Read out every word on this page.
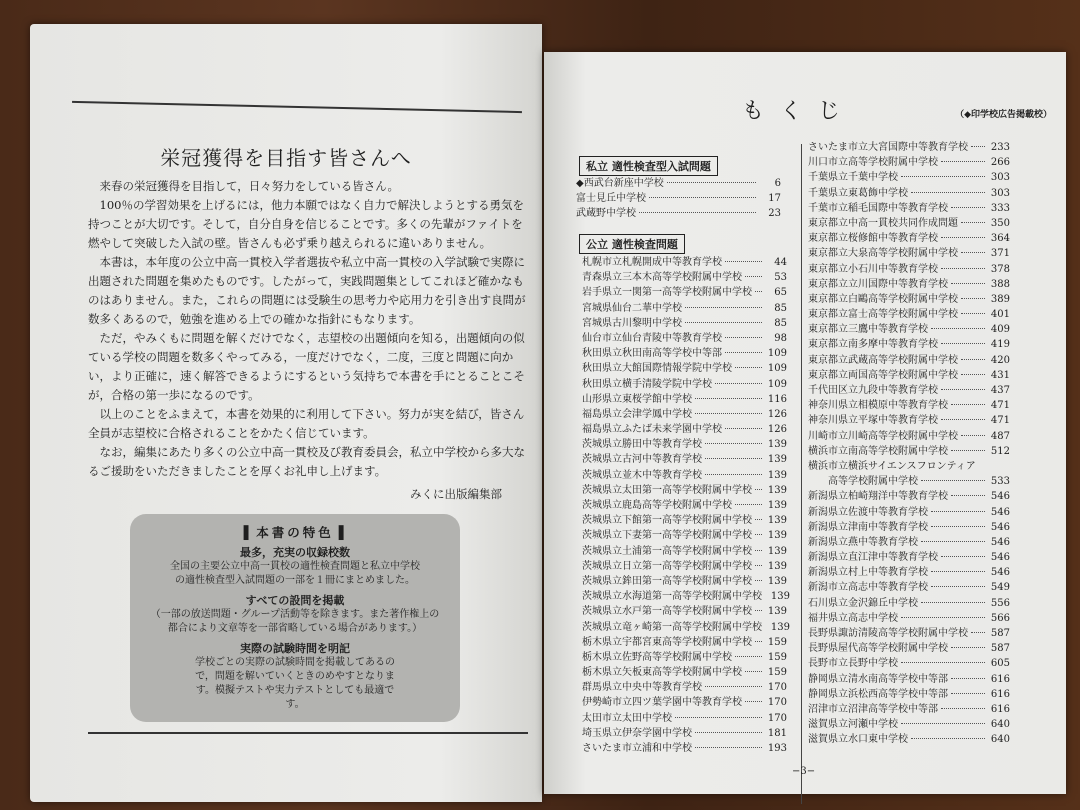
栄冠獲得を目指す皆さんへ

来春の栄冠獲得を目指して，日々努力をしている皆さん。

100％の学習効果を上げるには，他力本願ではなく自力で解決しようとする勇気を持つことが大切です。そして，自分自身を信じることです。多くの先輩がファイトを燃やして突破した入試の壁。皆さんも必ず乗り越えられるに違いありません。

本書は，本年度の公立中高一貫校入学者選抜や私立中高一貫校の入学試験で実際に出題された問題を集めたものです。したがって，実践問題集としてこれほど確かなものはありません。また，これらの問題には受験生の思考力や応用力を引き出す良問が数多くあるので，勉強を進める上での確かな指針にもなります。

ただ，やみくもに問題を解くだけでなく，志望校の出題傾向を知る，出題傾向の似ている学校の問題を数多くやってみる，一度だけでなく，二度，三度と問題に向かい，より正確に，速く解答できるようにするという気持ちで本書を手にとることこそが，合格の第一歩になるのです。

以上のことをふまえて，本書を効果的に利用して下さい。努力が実を結び，皆さん全員が志望校に合格されることをかたく信じています。

なお，編集にあたり多くの公立中高一貫校及び教育委員会，私立中学校から多大なるご援助をいただきましたことを厚くお礼申し上げます。

みくに出版編集部
▌本書の特色▐
最多，充実の収録校数
全国の主要公立中高一貫校の適性検査問題と私立中学校の適性検査型入試問題の一部を１冊にまとめました。
すべての設問を掲載
（一部の放送問題・グループ活動等を除きます。また著作権上の都合により文章等を一部省略している場合があります。）
実際の試験時間を明記
学校ごとの実際の試験時間を掲載してあるので，問題を解いていくときのめやすとなります。模擬テストや実力テストとしても最適です。
もくじ	（◆印学校広告掲載校）
私立 適性検査型入試問題
◆西武台新座中学校	6
富士見丘中学校	17
武蔵野中学校	23
公立 適性検査問題
札幌市立札幌開成中等教育学校	44
青森県立三本木高等学校附属中学校	53
岩手県立一関第一高等学校附属中学校	65
宮城県仙台二華中学校	85
宮城県古川黎明中学校	85
仙台市立仙台青陵中等教育学校	98
秋田県立秋田南高等学校中等部	109
秋田県立大館国際情報学院中学校	109
秋田県立横手清陵学院中学校	109
山形県立東桜学館中学校	116
福島県立会津学鳳中学校	126
福島県立ふたば未来学園中学校	126
茨城県立勝田中等教育学校	139
茨城県立古河中等教育学校	139
茨城県立並木中等教育学校	139
茨城県立太田第一高等学校附属中学校 139
茨城県立鹿島高等学校附属中学校	139
茨城県立下館第一高等学校附属中学校 139
茨城県立下妻第一高等学校附属中学校 139
茨城県立土浦第一高等学校附属中学校 139
茨城県立日立第一高等学校附属中学校 139
茨城県立鉾田第一高等学校附属中学校 139
茨城県立水海道第一高等学校附属中学校 139
茨城県立水戸第一高等学校附属中学校 139
茨城県立竜ヶ崎第一高等学校附属中学校 139
栃木県立宇都宮東高等学校附属中学校 159
栃木県立佐野高等学校附属中学校	159
栃木県立矢板東高等学校附属中学校	159
群馬県立中央中等教育学校	170
伊勢崎市立四ツ葉学園中等教育学校	170
太田市立太田中学校	170
埼玉県立伊奈学園中学校	181
さいたま市立浦和中学校	193
さいたま市立大宮国際中等教育学校 233
川口市立高等学校附属中学校	266
千葉県立千葉中学校	303
千葉県立東葛飾中学校	303
千葉市立稲毛国際中等教育学校	333
東京都立中高一貫校共同作成問題	350
東京都立桜修館中等教育学校	364
東京都立大泉高等学校附属中学校	371
東京都立小石川中等教育学校	378
東京都立立川国際中等教育学校	388
東京都立白鷗高等学校附属中学校	389
東京都立富士高等学校附属中学校	401
東京都立三鷹中等教育学校	409
東京都立南多摩中等教育学校	419
東京都立武蔵高等学校附属中学校	420
東京都立両国高等学校附属中学校	431
千代田区立九段中等教育学校	437
神奈川県立相模原中等教育学校	471
神奈川県立平塚中等教育学校	471
川崎市立川崎高等学校附属中学校	487
横浜市立南高等学校附属中学校	512
横浜市立横浜サイエンスフロンティア
　　高等学校附属中学校	533
新潟県立柏崎翔洋中等教育学校	546
新潟県立佐渡中等教育学校	546
新潟県立津南中等教育学校	546
新潟県立燕中等教育学校	546
新潟県立直江津中等教育学校	546
新潟県立村上中等教育学校	546
新潟市立高志中等教育学校	549
石川県立金沢錦丘中学校	556
福井県立高志中学校	566
長野県諏訪清陵高等学校附属中学校 587
長野県屋代高等学校附属中学校	587
長野市立長野中学校	605
静岡県立清水南高等学校中等部	616
静岡県立浜松西高等学校中等部	616
沼津市立沼津高等学校中等部	616
滋賀県立河瀬中学校	640
滋賀県立水口東中学校	640
−3−
